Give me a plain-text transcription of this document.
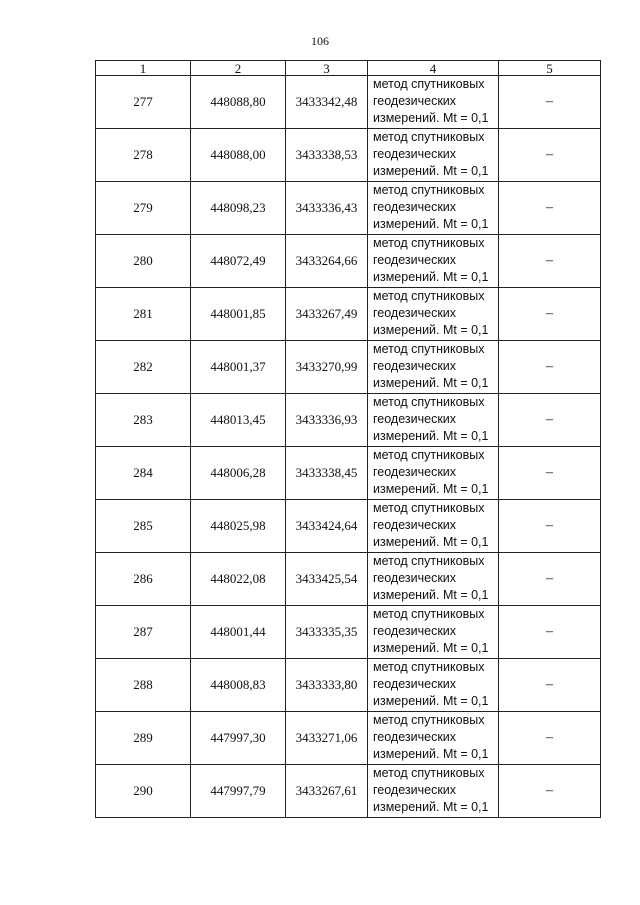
106
1	2	3	4	5
277	448088,80	3433342,48	метод спутниковых
геодезических
измерений. Mt = 0,1	–
278	448088,00	3433338,53	метод спутниковых
геодезических
измерений. Mt = 0,1	–
279	448098,23	3433336,43	метод спутниковых
геодезических
измерений. Mt = 0,1	–
280	448072,49	3433264,66	метод спутниковых
геодезических
измерений. Mt = 0,1	–
281	448001,85	3433267,49	метод спутниковых
геодезических
измерений. Mt = 0,1	–
282	448001,37	3433270,99	метод спутниковых
геодезических
измерений. Mt = 0,1	–
283	448013,45	3433336,93	метод спутниковых
геодезических
измерений. Mt = 0,1	–
284	448006,28	3433338,45	метод спутниковых
геодезических
измерений. Mt = 0,1	–
285	448025,98	3433424,64	метод спутниковых
геодезических
измерений. Mt = 0,1	–
286	448022,08	3433425,54	метод спутниковых
геодезических
измерений. Mt = 0,1	–
287	448001,44	3433335,35	метод спутниковых
геодезических
измерений. Mt = 0,1	–
288	448008,83	3433333,80	метод спутниковых
геодезических
измерений. Mt = 0,1	–
289	447997,30	3433271,06	метод спутниковых
геодезических
измерений. Mt = 0,1	–
290	447997,79	3433267,61	метод спутниковых
геодезических
измерений. Mt = 0,1	–
